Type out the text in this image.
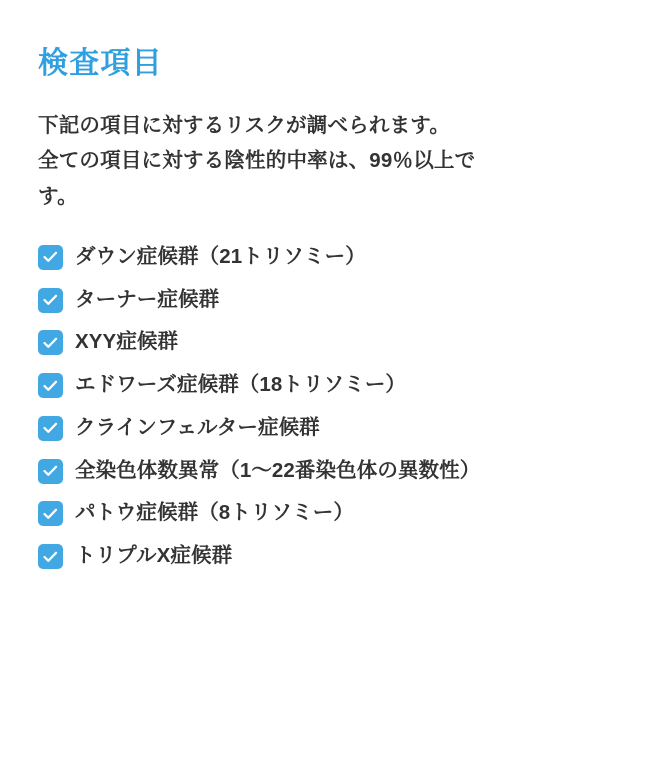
検査項目
下記の項目に対するリスクが調べられます。
全ての項目に対する陰性的中率は、99％以上で
す。
ダウン症候群（21トリソミー）
ターナー症候群
XYY症候群
エドワーズ症候群（18トリソミー）
クラインフェルター症候群
全染色体数異常（1〜22番染色体の異数性）
パトウ症候群（8トリソミー）
トリプルX症候群
